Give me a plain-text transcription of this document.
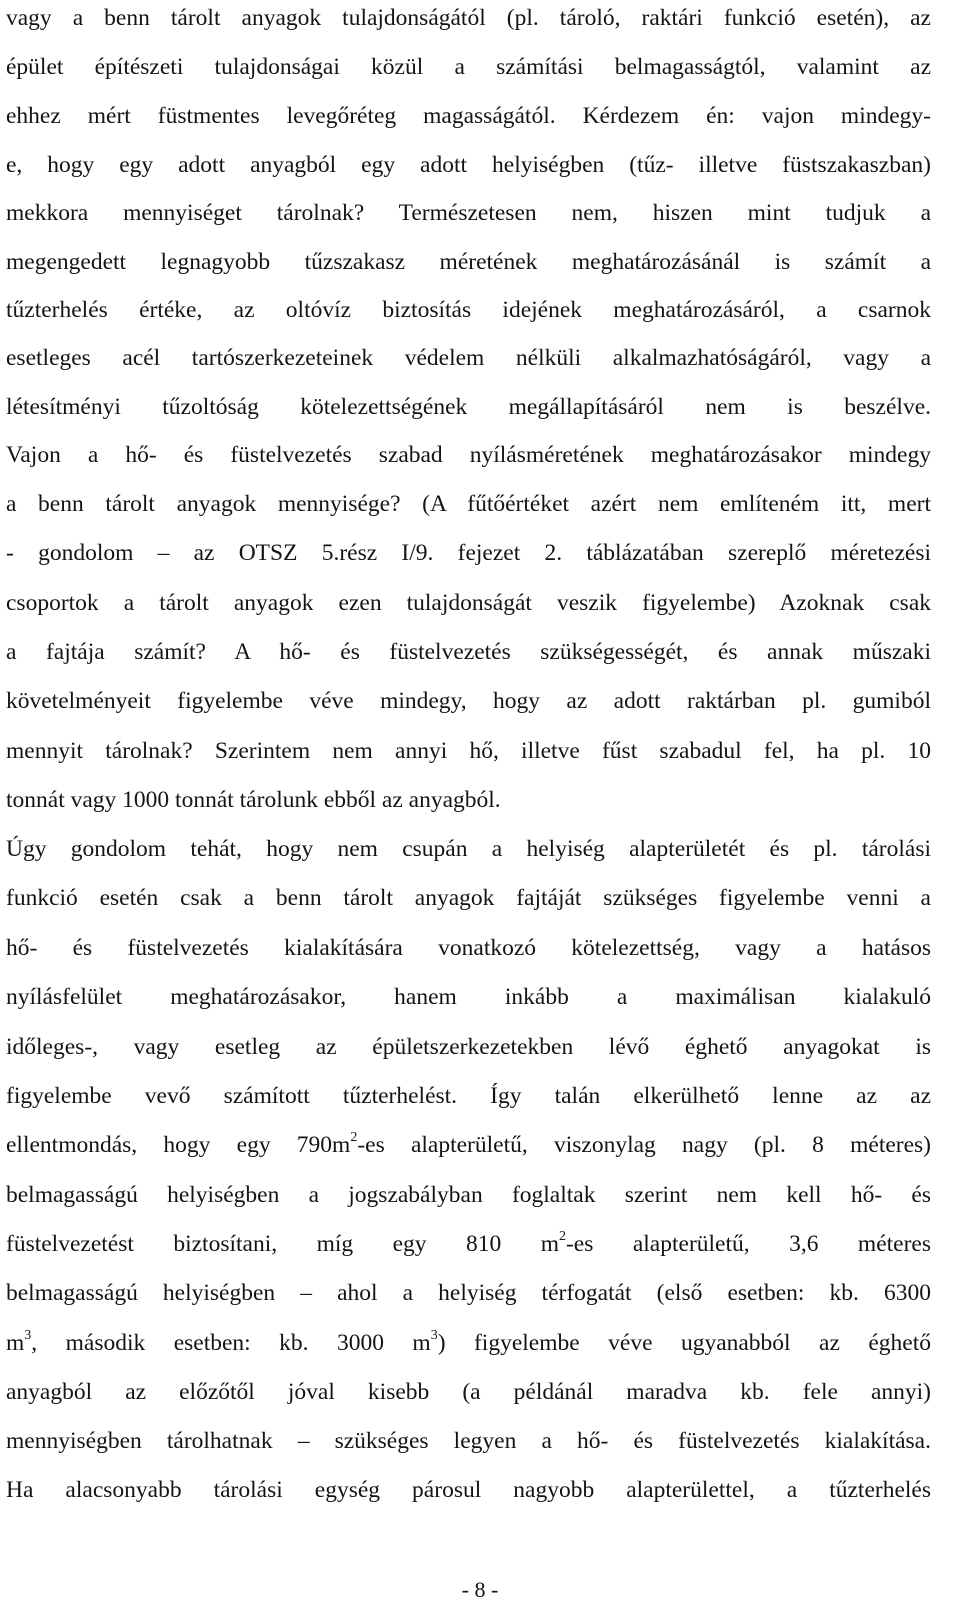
vagy a benn tárolt anyagok tulajdonságától (pl. tároló, raktári funkció esetén), az
épület építészeti tulajdonságai közül a számítási belmagasságtól, valamint az
ehhez mért füstmentes levegőréteg magasságától. Kérdezem én: vajon mindegy-
e, hogy egy adott anyagból egy adott helyiségben (tűz- illetve füstszakaszban)
mekkora mennyiséget tárolnak? Természetesen nem, hiszen mint tudjuk a
megengedett legnagyobb tűzszakasz méretének meghatározásánál is számít a
tűzterhelés értéke, az oltóvíz biztosítás idejének meghatározásáról, a csarnok
esetleges acél tartószerkezeteinek védelem nélküli alkalmazhatóságáról, vagy a
létesítményi tűzoltóság kötelezettségének megállapításáról nem is beszélve.
Vajon a hő- és füstelvezetés szabad nyílásméretének meghatározásakor mindegy
a benn tárolt anyagok mennyisége? (A fűtőértéket azért nem említeném itt, mert
- gondolom – az OTSZ 5.rész I/9. fejezet 2. táblázatában szereplő méretezési
csoportok a tárolt anyagok ezen tulajdonságát veszik figyelembe) Azoknak csak
a fajtája számít? A hő- és füstelvezetés szükségességét, és annak műszaki
követelményeit figyelembe véve mindegy, hogy az adott raktárban pl. gumiból
mennyit tárolnak? Szerintem nem annyi hő, illetve fűst szabadul fel, ha pl. 10
tonnát vagy 1000 tonnát tárolunk ebből az anyagból.
Úgy gondolom tehát, hogy nem csupán a helyiség alapterületét és pl. tárolási
funkció esetén csak a benn tárolt anyagok fajtáját szükséges figyelembe venni a
hő- és füstelvezetés kialakítására vonatkozó kötelezettség, vagy a hatásos
nyílásfelület meghatározásakor, hanem inkább a maximálisan kialakuló
időleges-, vagy esetleg az épületszerkezetekben lévő éghető anyagokat is
figyelembe vevő számított tűzterhelést. Így talán elkerülhető lenne az az
ellentmondás, hogy egy $790m^2-es$ alapterületű, viszonylag nagy (pl. 8 méteres)
belmagasságú helyiségben a jogszabályban foglaltak szerint nem kell hő- és
füstelvezetést biztosítani, míg egy 810 $m^2-es$ alapterületű, 3,6 méteres
belmagasságú helyiségben – ahol a helyiség térfogatát (első esetben: kb. 6300
$m^3$, második esetben: kb. 3000 $m^3$) figyelembe véve ugyanabból az éghető
anyagból az előzőtől jóval kisebb (a példánál maradva kb. fele annyi)
mennyiségben tárolhatnak – szükséges legyen a hő- és füstelvezetés kialakítása.
Ha alacsonyabb tárolási egység párosul nagyobb alapterülettel, a tűzterhelés
- 8 -
